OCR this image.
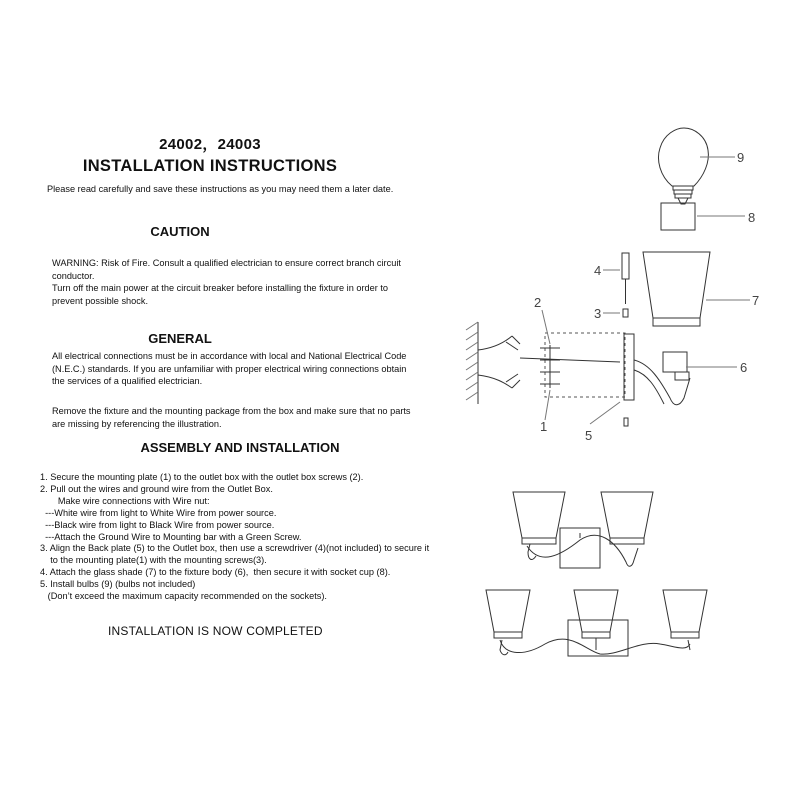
24002，24003
INSTALLATION INSTRUCTIONS
Please read carefully and save these instructions as you may need them a later date.
CAUTION
WARNING: Risk of Fire. Consult a qualified electrician to ensure correct branch circuit
conductor.
Turn off the main power at the circuit breaker before installing the fixture in order to
prevent possible shock.
GENERAL
All electrical connections must be in accordance with local and National Electrical Code
(N.E.C.) standards. If you are unfamiliar with proper electrical wiring connections obtain
the services of a qualified electrician.
Remove the fixture and the mounting package from the box and make sure that no parts
are missing by referencing the illustration.
ASSEMBLY AND INSTALLATION
1. Secure the mounting plate (1) to the outlet box with the outlet box screws (2).
2. Pull out the wires and ground wire from the Outlet Box.
Make wire connections with Wire nut:
---White wire from light to White Wire from power source.
---Black wire from light to Black Wire from power source.
---Attach the Ground Wire to Mounting bar with a Green Screw.
3. Align the Back plate (5) to the Outlet box, then use a screwdriver (4)(not included) to secure it
to the mounting plate(1) with the mounting screws(3).
4. Attach the glass shade (7) to the fixture body (6),  then secure it with socket cup (8).
5. Install bulbs (9) (bulbs not included)
(Don’t exceed the maximum capacity recommended on the sockets).
INSTALLATION IS NOW COMPLETED
1
2
3
4
5
6
7
8
9
